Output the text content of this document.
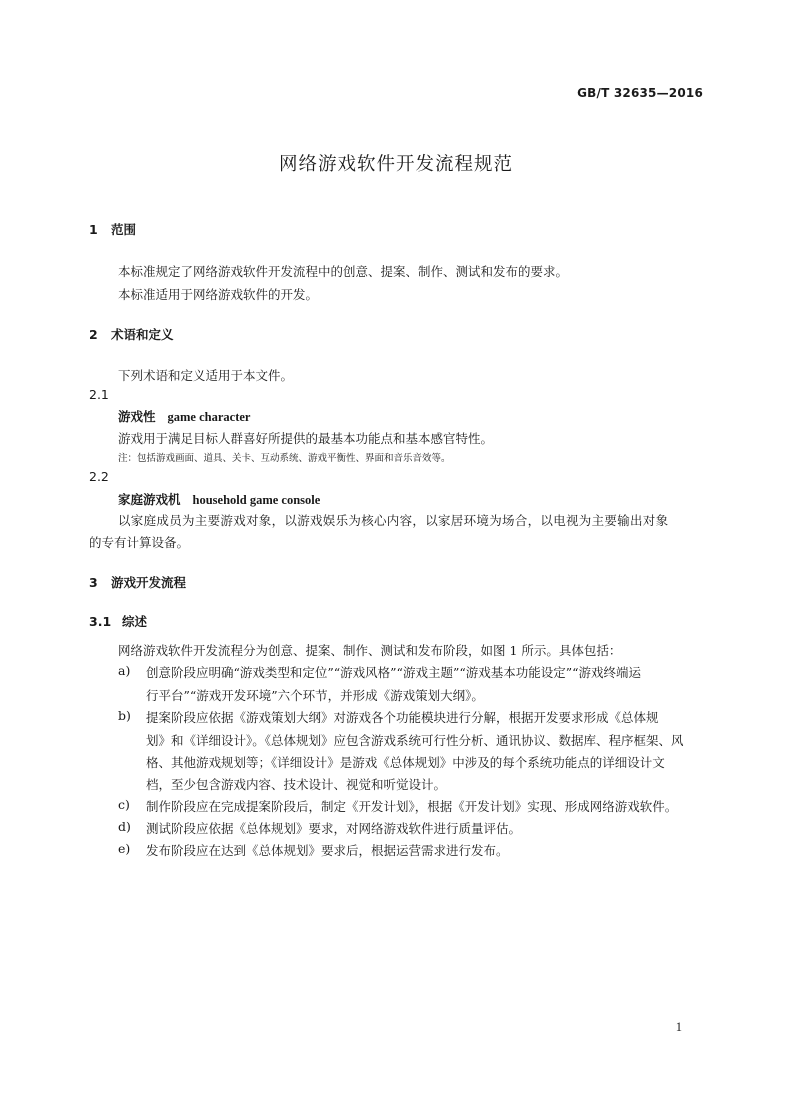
GB/T 32635—2016
网络游戏软件开发流程规范
1 范围
本标准规定了网络游戏软件开发流程中的创意、提案、制作、测试和发布的要求。
本标准适用于网络游戏软件的开发。
2 术语和定义
下列术语和定义适用于本文件。
2.1
游戏性 game character
游戏用于满足目标人群喜好所提供的最基本功能点和基本感官特性。
注：包括游戏画面、道具、关卡、互动系统、游戏平衡性、界面和音乐音效等。
2.2
家庭游戏机 household game console
以家庭成员为主要游戏对象，以游戏娱乐为核心内容，以家居环境为场合，以电视为主要输出对象
的专有计算设备。
3 游戏开发流程
3.1 综述
网络游戏软件开发流程分为创意、提案、制作、测试和发布阶段，如图 1 所示。具体包括：
a) 创意阶段应明确“游戏类型和定位”“游戏风格”“游戏主题”“游戏基本功能设定”“游戏终端运
行平台”“游戏开发环境”六个环节，并形成《游戏策划大纲》。
b) 提案阶段应依据《游戏策划大纲》对游戏各个功能模块进行分解，根据开发要求形成《总体规
划》和《详细设计》。《总体规划》应包含游戏系统可行性分析、通讯协议、数据库、程序框架、风
格、其他游戏规划等；《详细设计》是游戏《总体规划》中涉及的每个系统功能点的详细设计文
档，至少包含游戏内容、技术设计、视觉和听觉设计。
c) 制作阶段应在完成提案阶段后，制定《开发计划》，根据《开发计划》实现、形成网络游戏软件。
d) 测试阶段应依据《总体规划》要求，对网络游戏软件进行质量评估。
e) 发布阶段应在达到《总体规划》要求后，根据运营需求进行发布。
1
